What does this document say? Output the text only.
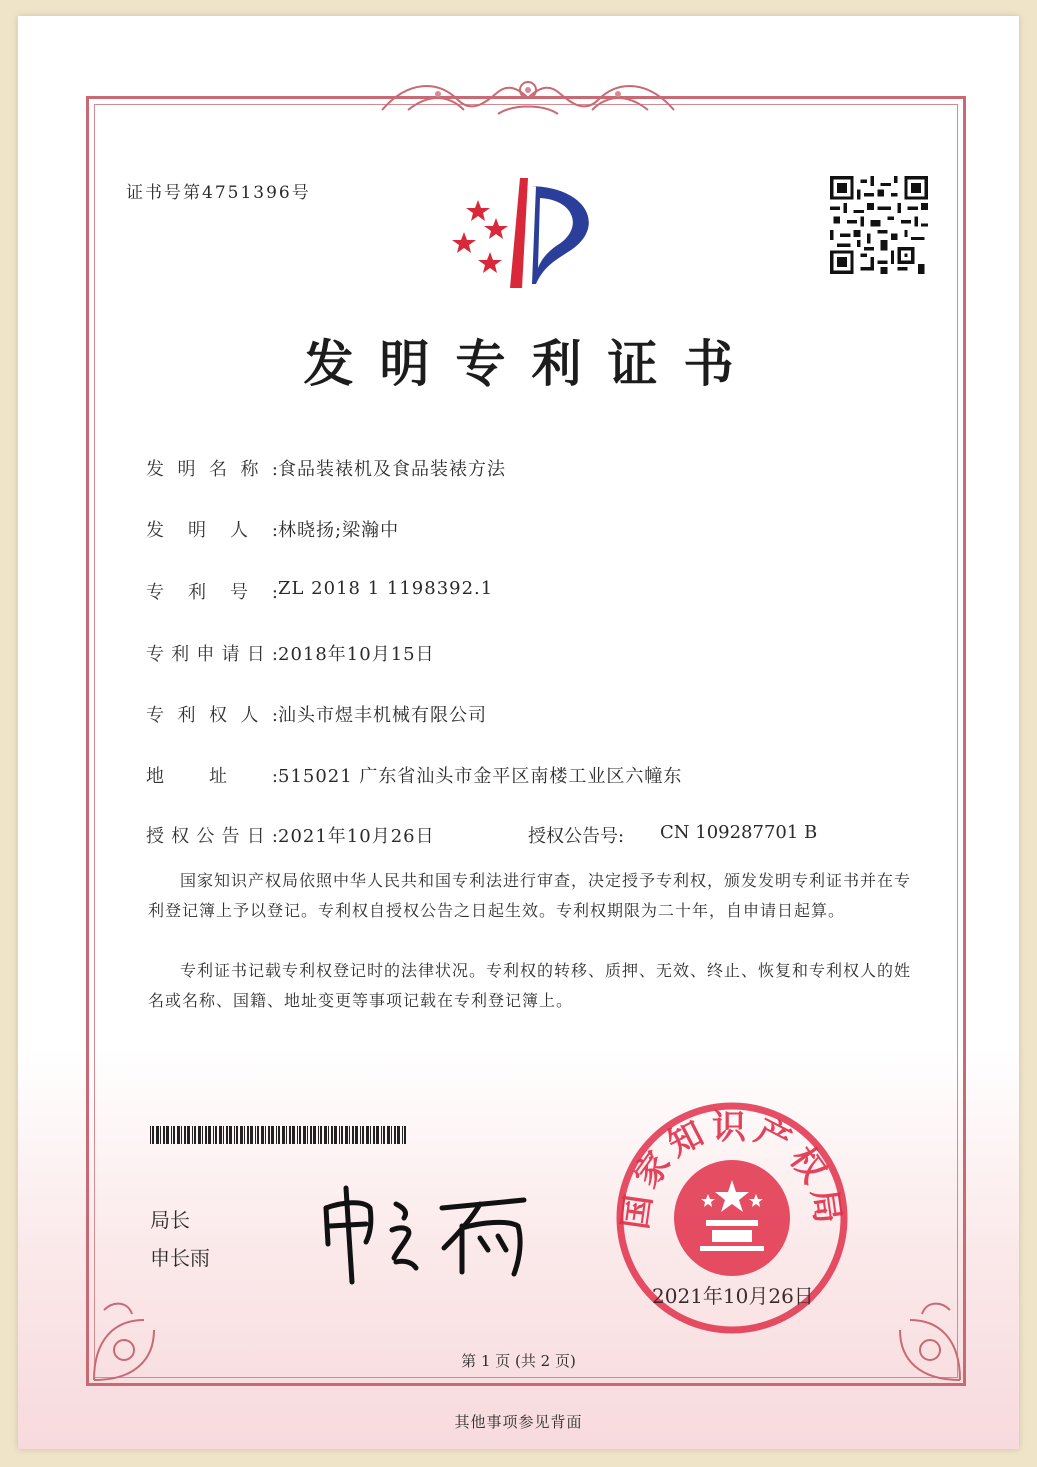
证书号第4751396号
发明专利证书
发明名称: 食品装裱机及食品装裱方法
发明人: 林晓扬;梁瀚中
专利号: ZL 2018 1 1198392.1
专利申请日: 2018年10月15日
专利权人: 汕头市煜丰机械有限公司
地址: 515021 广东省汕头市金平区南楼工业区六幢东
授权公告日: 2021年10月26日	授权公告号:	CN 109287701 B

国家知识产权局依照中华人民共和国专利法进行审查，决定授予专利权，颁发发明专利证书并在专利登记簿上予以登记。专利权自授权公告之日起生效。专利权期限为二十年，自申请日起算。

专利证书记载专利权登记时的法律状况。专利权的转移、质押、无效、终止、恢复和专利权人的姓名或名称、国籍、地址变更等事项记载在专利登记簿上。

局长
申长雨
国家知识产权局
2021年10月26日
第 1 页 (共 2 页)
其他事项参见背面
